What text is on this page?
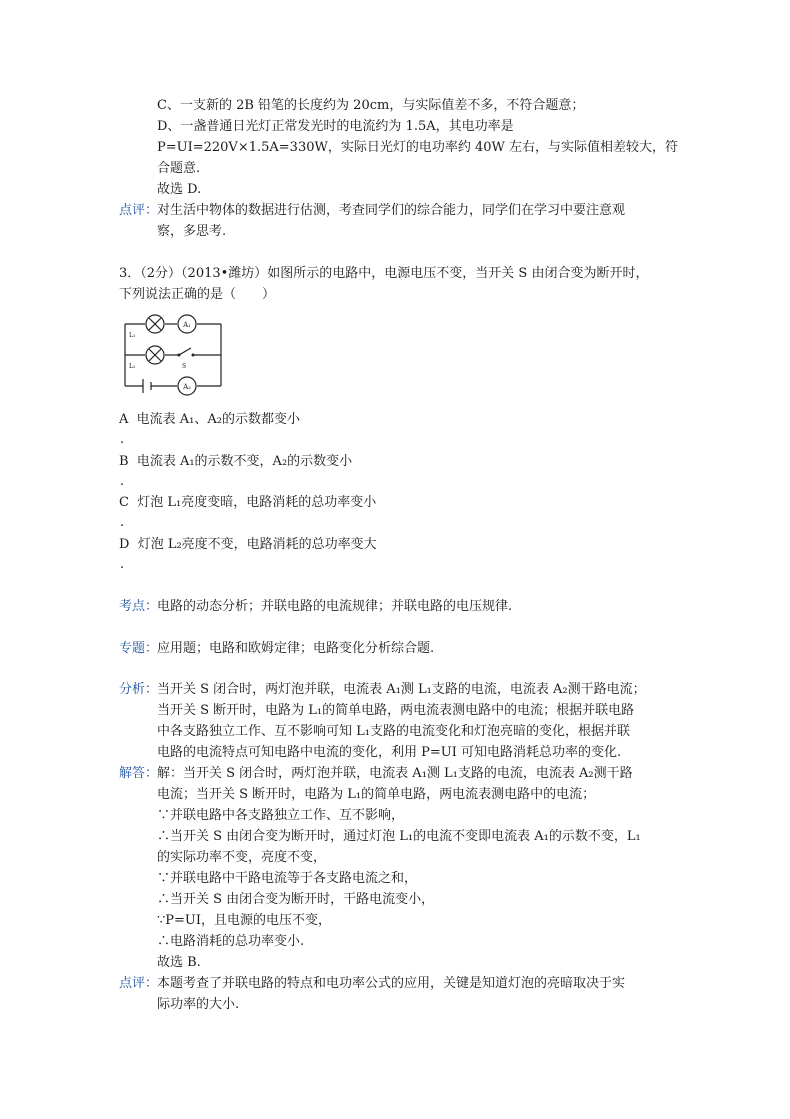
C、一支新的 2B 铅笔的长度约为 20cm，与实际值差不多，不符合题意；
D、一盏普通日光灯正常发光时的电流约为 1.5A，其电功率是
P=UI=220V×1.5A=330W，实际日光灯的电功率约 40W 左右，与实际值相差较大，符
合题意.
故选 D.
点评：
对生活中物体的数据进行估测，考查同学们的综合能力，同学们在学习中要注意观
察，多思考.
3．（2分）（2013•潍坊）如图所示的电路中，电源电压不变，当开关 S 由闭合变为断开时，
下列说法正确的是（　　）
A₁
A₂
L₁
L₂	S
A 电流表 A₁、A₂的示数都变小
.
B 电流表 A₁的示数不变，A₂的示数变小
.
C 灯泡 L₁亮度变暗，电路消耗的总功率变小
.
D 灯泡 L₂亮度不变，电路消耗的总功率变大
.
考点：
电路的动态分析；并联电路的电流规律；并联电路的电压规律.
专题：
应用题；电路和欧姆定律；电路变化分析综合题.
分析：
当开关 S 闭合时，两灯泡并联，电流表 A₁测 L₁支路的电流，电流表 A₂测干路电流；
当开关 S 断开时，电路为 L₁的简单电路，两电流表测电路中的电流；根据并联电路
中各支路独立工作、互不影响可知 L₁支路的电流变化和灯泡亮暗的变化，根据并联
电路的电流特点可知电路中电流的变化，利用 P=UI 可知电路消耗总功率的变化.
解答：
解：当开关 S 闭合时，两灯泡并联，电流表 A₁测 L₁支路的电流，电流表 A₂测干路
电流；当开关 S 断开时，电路为 L₁的简单电路，两电流表测电路中的电流；
∵并联电路中各支路独立工作、互不影响，
∴当开关 S 由闭合变为断开时，通过灯泡 L₁的电流不变即电流表 A₁的示数不变，L₁
的实际功率不变，亮度不变，
∵并联电路中干路电流等于各支路电流之和，
∴当开关 S 由闭合变为断开时，干路电流变小，
∵P=UI，且电源的电压不变，
∴电路消耗的总功率变小.
故选 B.
点评：
本题考查了并联电路的特点和电功率公式的应用，关键是知道灯泡的亮暗取决于实
际功率的大小.
